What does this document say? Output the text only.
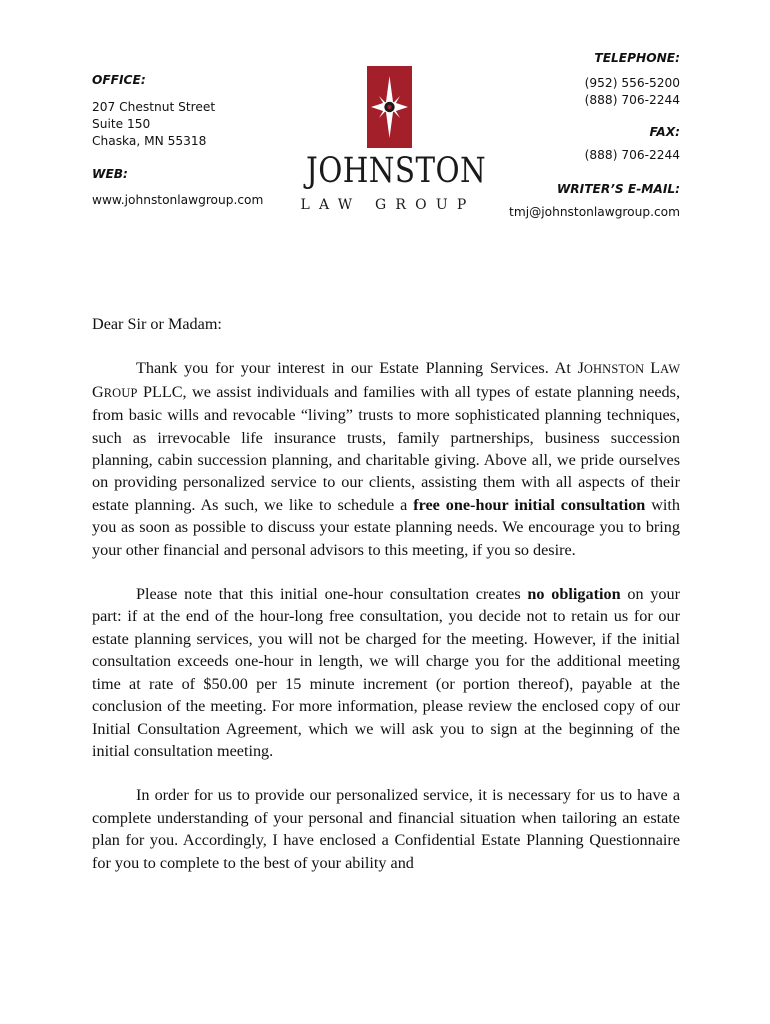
OFFICE:
207 Chestnut Street
Suite 150
Chaska, MN 55318
WEB:
www.johnstonlawgroup.com
JOHNSTON
LAW GROUP
TELEPHONE:
(952) 556-5200
(888) 706-2244
FAX:
(888) 706-2244
WRITER’S E-MAIL:
tmj@johnstonlawgroup.com

Dear Sir or Madam:

Thank you for your interest in our Estate Planning Services. At JOHNSTON LAW GROUP PLLC, we assist individuals and families with all types of estate planning needs, from basic wills and revocable “living” trusts to more sophisticated planning techniques, such as irrevocable life insurance trusts, family partnerships, business succession planning, cabin succession planning, and charitable giving. Above all, we pride ourselves on providing personalized service to our clients, assisting them with all aspects of their estate planning. As such, we like to schedule a free one-hour initial consultation with you as soon as possible to discuss your estate planning needs. We encourage you to bring your other financial and personal advisors to this meeting, if you so desire.

Please note that this initial one-hour consultation creates no obligation on your part: if at the end of the hour-long free consultation, you decide not to retain us for our estate planning services, you will not be charged for the meeting. However, if the initial consultation exceeds one-hour in length, we will charge you for the additional meeting time at rate of $50.00 per 15 minute increment (or portion thereof), payable at the conclusion of the meeting. For more information, please review the enclosed copy of our Initial Consultation Agreement, which we will ask you to sign at the beginning of the initial consultation meeting.

In order for us to provide our personalized service, it is necessary for us to have a complete understanding of your personal and financial situation when tailoring an estate plan for you. Accordingly, I have enclosed a Confidential Estate Planning Questionnaire for you to complete to the best of your ability and
